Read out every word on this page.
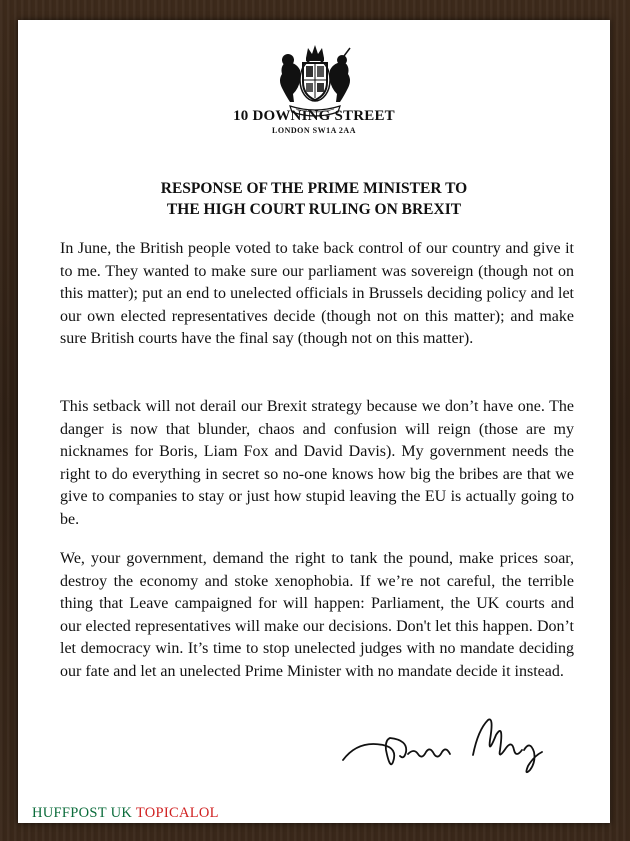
10 DOWNING STREET
LONDON SW1A 2AA
RESPONSE OF THE PRIME MINISTER TO
THE HIGH COURT RULING ON BREXIT

In June, the British people voted to take back control of our country and give it to me. They wanted to make sure our parliament was sovereign (though not on this matter); put an end to unelected officials in Brussels deciding policy and let our own elected representatives decide (though not on this matter); and make sure British courts have the final say (though not on this matter).

This setback will not derail our Brexit strategy because we don’t have one. The danger is now that blunder, chaos and confusion will reign (those are my nicknames for Boris, Liam Fox and David Davis). My government needs the right to do everything in secret so no-one knows how big the bribes are that we give to companies to stay or just how stupid leaving the EU is actually going to be.

We, your government, demand the right to tank the pound, make prices soar, destroy the economy and stoke xenophobia. If we’re not careful, the terrible thing that Leave campaigned for will happen: Parliament, the UK courts and our elected representatives will make our decisions. Don't let this happen. Don’t let democracy win. It’s time to stop unelected judges with no mandate deciding our fate and let an unelected Prime Minister with no mandate decide it instead.

HUFFPOST UK TOPICALOL
